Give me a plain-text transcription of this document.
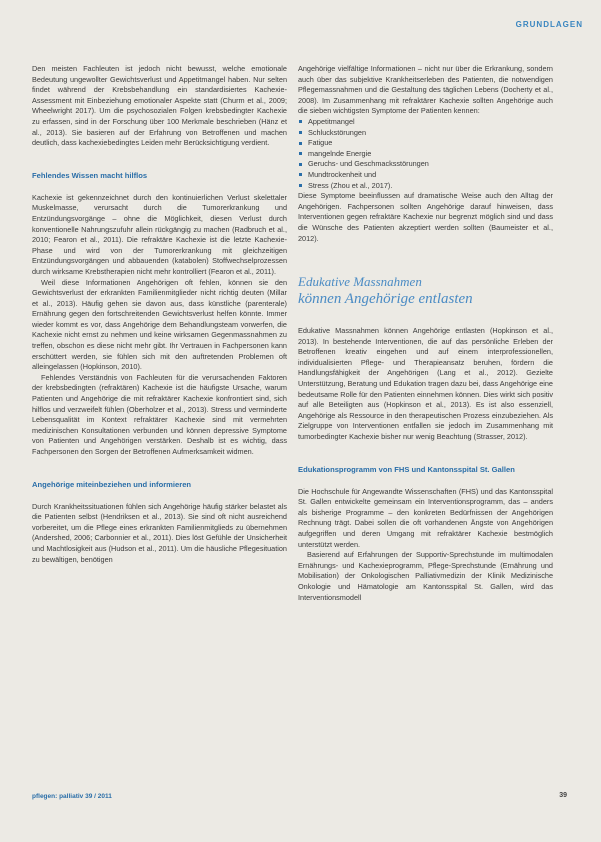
GRUNDLAGEN

Den meisten Fachleuten ist jedoch nicht bewusst, welche emotionale Bedeutung ungewollter Gewichtsverlust und Appetitmangel haben. Nur selten findet während der Krebsbehandlung ein standardisiertes Kachexie-Assessment mit Einbeziehung emotionaler Aspekte statt (Churm et al., 2009; Wheelwright 2017). Um die psychosozialen Folgen krebsbedingter Kachexie zu erfassen, sind in der Forschung über 100 Merkmale beschrieben (Hänz et al., 2013). Sie basieren auf der Erfahrung von Betroffenen und machen deutlich, dass kachexiebedingtes Leiden mehr Berücksichtigung verdient.

Fehlendes Wissen macht hilflos

Kachexie ist gekennzeichnet durch den kontinuierlichen Verlust skelettaler Muskelmasse, verursacht durch die Tumorerkrankung und Entzündungsvorgänge – ohne die Möglichkeit, diesen Verlust durch konventionelle Nahrungszufuhr allein rückgängig zu machen (Radbruch et al., 2010; Fearon et al., 2011). Die refraktäre Kachexie ist die letzte Kachexie-Phase und wird von der Tumorerkrankung mit gleichzeitigen Entzündungsvorgängen und abbauenden (katabolen) Stoffwechselprozessen durch wirksame Krebstherapien nicht mehr kontrolliert (Fearon et al., 2011).

Weil diese Informationen Angehörigen oft fehlen, können sie den Gewichtsverlust der erkrankten Familienmitglieder nicht richtig deuten (Millar et al., 2013). Häufig gehen sie davon aus, dass künstliche (parenterale) Ernährung gegen den fortschreitenden Gewichtsverlust helfen könnte. Immer wieder kommt es vor, dass Angehörige dem Behandlungsteam vorwerfen, die Kachexie nicht ernst zu nehmen und keine wirksamen Gegenmassnahmen zu treffen, obschon es diese nicht mehr gibt. Ihr Vertrauen in Fachpersonen kann erschüttert werden, sie fühlen sich mit den auftretenden Problemen oft alleingelassen (Hopkinson, 2010).

Fehlendes Verständnis von Fachleuten für die verursachenden Faktoren der krebsbedingten (refraktären) Kachexie ist die häufigste Ursache, warum Patienten und Angehörige die mit refraktärer Kachexie konfrontiert sind, sich hilflos und verzweifelt fühlen (Oberholzer et al., 2013). Stress und verminderte Lebensqualität im Kontext refraktärer Kachexie sind mit vermehrten medizinischen Konsultationen verbunden und können depressive Symptome von Patienten und Angehörigen verstärken. Deshalb ist es wichtig, dass Fachpersonen den Sorgen der Betroffenen Aufmerksamkeit widmen.

Angehörige miteinbeziehen und informieren

Durch Krankheitssituationen fühlen sich Angehörige häufig stärker belastet als die Patienten selbst (Hendriksen et al., 2013). Sie sind oft nicht ausreichend vorbereitet, um die Pflege eines erkrankten Familienmitglieds zu übernehmen (Andershed, 2006; Carbonnier et al., 2011). Dies löst Gefühle der Unsicherheit und Machtlosigkeit aus (Hudson et al., 2011). Um die häusliche Pflegesituation zu bewältigen, benötigen

Angehörige vielfältige Informationen – nicht nur über die Erkrankung, sondern auch über das subjektive Krankheitserleben des Patienten, die notwendigen Pflegemassnahmen und die Gestaltung des täglichen Lebens (Docherty et al., 2008). Im Zusammenhang mit refraktärer Kachexie sollten Angehörige auch die sieben wichtigsten Symptome der Patienten kennen:

Appetitmangel
Schluckstörungen
Fatigue
mangelnde Energie
Geruchs- und Geschmacksstörungen
Mundtrockenheit und
Stress (Zhou et al., 2017).

Diese Symptome beeinflussen auf dramatische Weise auch den Alltag der Angehörigen. Fachpersonen sollten Angehörige darauf hinweisen, dass Interventionen gegen refraktäre Kachexie nur begrenzt möglich sind und dass die Wünsche des Patienten akzeptiert werden sollten (Baumeister et al., 2012).

Edukative Massnahmen

können Angehörige entlasten

Edukative Massnahmen können Angehörige entlasten (Hopkinson et al., 2013). In bestehende Interventionen, die auf das persönliche Erleben der Betroffenen kreativ eingehen und auf einem interprofessionellen, individualisierten Pflege- und Therapieansatz beruhen, fördern die Handlungsfähigkeit der Angehörigen (Lang et al., 2012). Gezielte Unterstützung, Beratung und Edukation tragen dazu bei, dass Angehörige eine bedeutsame Rolle für den Patienten einnehmen können. Dies wirkt sich positiv auf alle Beteiligten aus (Hopkinson et al., 2013). Es ist also essenziell, Angehörige als Ressource in den therapeutischen Prozess einzubeziehen. Als Zielgruppe von Interventionen entfallen sie jedoch im Zusammenhang mit tumorbedingter Kachexie bisher nur wenig Beachtung (Strasser, 2012).

Edukationsprogramm von FHS und Kantonsspital St. Gallen

Die Hochschule für Angewandte Wissenschaften (FHS) und das Kantonsspital St. Gallen entwickelte gemeinsam ein Interventionsprogramm, das – anders als bisherige Programme – den konkreten Bedürfnissen der Angehörigen Rechnung trägt. Dabei sollen die oft vorhandenen Ängste von Angehörigen aufgegriffen und deren Umgang mit refraktärer Kachexie bestmöglich unterstützt werden.

Basierend auf Erfahrungen der Supportiv-Sprechstunde im multimodalen Ernährungs- und Kachexieprogramm, Pflege-Sprechstunde (Ernährung und Mobilisation) der Onkologischen Palliativmedizin der Klinik Medizinische Onkologie und Hämatologie am Kantonsspital St. Gallen, wird das Interventionsmodell

pflegen: palliativ 39 / 2011	39
